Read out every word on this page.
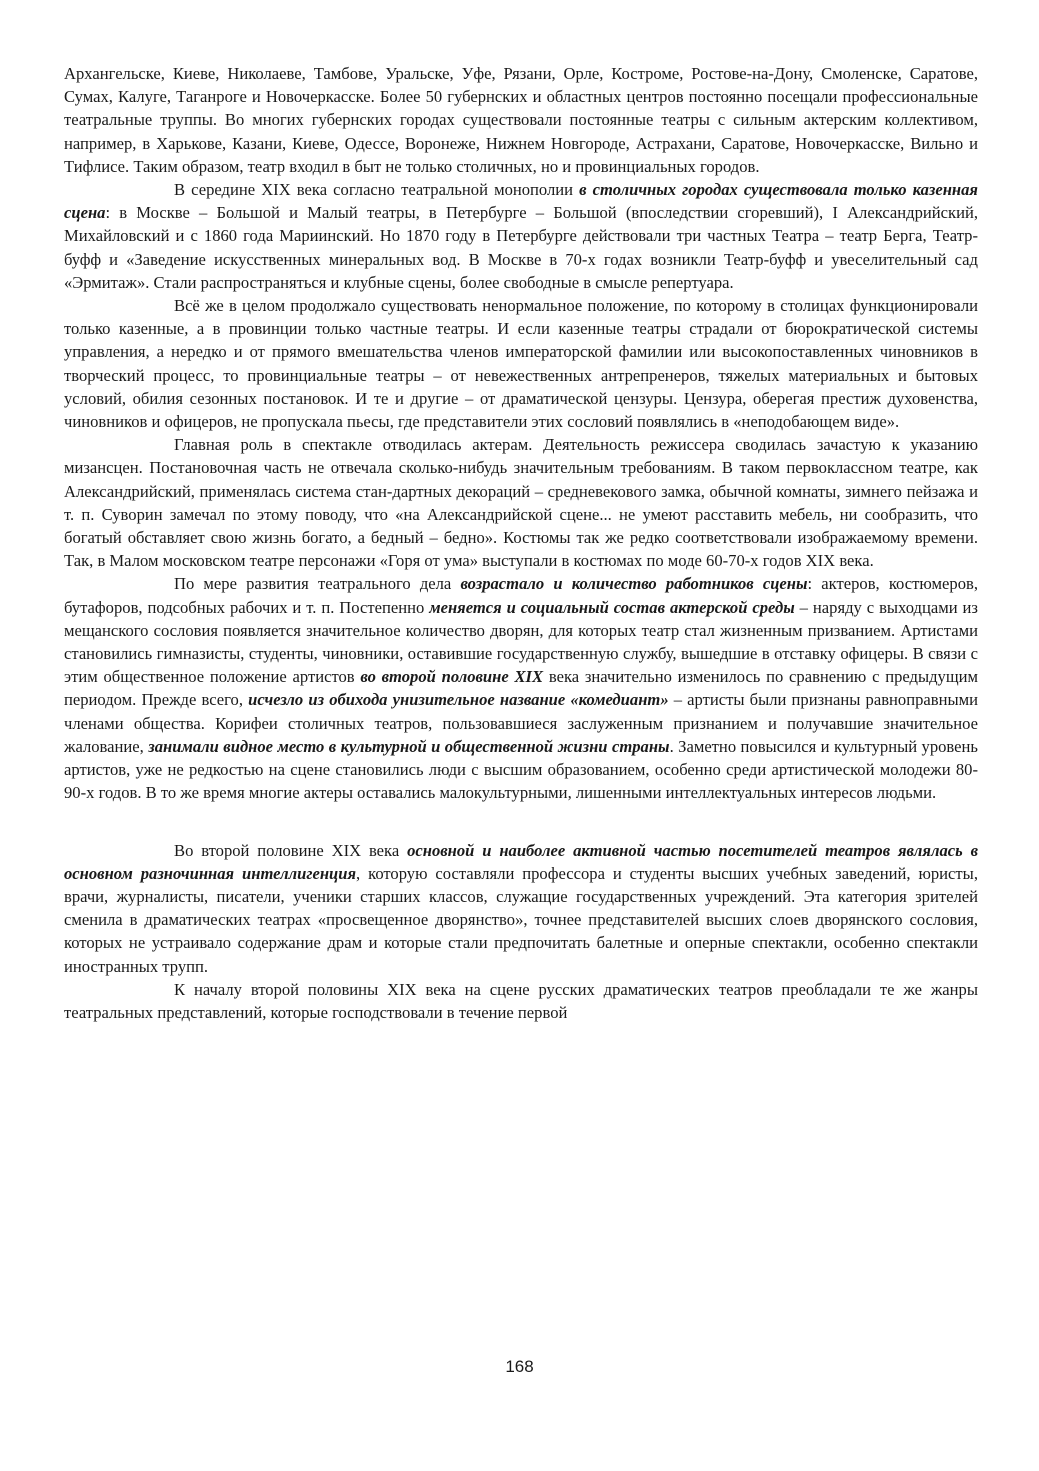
Архангельске, Киеве, Николаеве, Тамбове, Уральске, Уфе, Рязани, Орле, Костроме, Ростове-на-Дону, Смоленске, Саратове, Сумах, Калуге, Таганроге и Новочеркасске. Более 50 губернских и областных центров постоянно посещали профессиональные театральные труппы. Во многих губернских городах существовали постоянные театры с сильным актерским коллективом, например, в Харькове, Казани, Киеве, Одессе, Воронеже, Нижнем Новгороде, Астрахани, Саратове, Новочеркасске, Вильно и Тифлисе. Таким образом, театр входил в быт не только столичных, но и провинциальных городов.

В середине XIX века согласно театральной монополии в столичных городах существовала только казенная сцена: в Москве – Большой и Малый театры, в Петербурге – Большой (впоследствии сгоревший), I Александрийский, Михайловский и с 1860 года Мариинский. Но 1870 году в Петербурге действовали три частных Театра – театр Берга, Театр-буфф и «Заведение искусственных минеральных вод. В Москве в 70-х годах возникли Театр-буфф и увеселительный сад «Эрмитаж». Стали распространяться и клубные сцены, более свободные в смысле репертуара.

Всё же в целом продолжало существовать ненормальное положение, по которому в столицах функционировали только казенные, а в провинции только частные театры. И если казенные театры страдали от бюрократической системы управления, а нередко и от прямого вмешательства членов императорской фамилии или высокопоставленных чиновников в творческий процесс, то провинциальные театры – от невежественных антрепренеров, тяжелых материальных и бытовых условий, обилия сезонных постановок. И те и другие – от драматической цензуры. Цензура, оберегая престиж духовенства, чиновников и офицеров, не пропускала пьесы, где представители этих сословий появлялись в «неподобающем виде».

Главная роль в спектакле отводилась актерам. Деятельность режиссера сводилась зачастую к указанию мизансцен. Постановочная часть не отвечала сколько-нибудь значительным требованиям. В таком первоклассном театре, как Александрийский, применялась система стан-дартных декораций – средневекового замка, обычной комнаты, зимнего пейзажа и т. п. Суворин замечал по этому поводу, что «на Александрийской сцене... не умеют расставить мебель, ни сообразить, что богатый обставляет свою жизнь богато, а бедный – бедно». Костюмы так же редко соответствовали изображаемому времени. Так, в Малом московском театре персонажи «Горя от ума» выступали в костюмах по моде 60-70-х годов XIX века.

По мере развития театрального дела возрастало и количество работников сцены: актеров, костюмеров, бутафоров, подсобных рабочих и т. п. Постепенно меняется и социальный состав актерской среды – наряду с выходцами из мещанского сословия появляется значительное количество дворян, для которых театр стал жизненным призванием. Артистами становились гимназисты, студенты, чиновники, оставившие государственную службу, вышедшие в отставку офицеры. В связи с этим общественное положение артистов во второй половине XIX века значительно изменилось по сравнению с предыдущим периодом. Прежде всего, исчезло из обихода унизительное название «комедиант» – артисты были признаны равноправными членами общества. Корифеи столичных театров, пользовавшиеся заслуженным признанием и получавшие значительное жалование, занимали видное место в культурной и общественной жизни страны. Заметно повысился и культурный уровень артистов, уже не редкостью на сцене становились люди с высшим образованием, особенно среди артистической молодежи 80-90-х годов. В то же время многие актеры оставались малокультурными, лишенными интеллектуальных интересов людьми.

Во второй половине XIX века основной и наиболее активной частью посетителей театров являлась в основном разночинная интеллигенция, которую составляли профессора и студенты высших учебных заведений, юристы, врачи, журналисты, писатели, ученики старших классов, служащие государственных учреждений. Эта категория зрителей сменила в драматических театрах «просвещенное дворянство», точнее представителей высших слоев дворянского сословия, которых не устраивало содержание драм и которые стали предпочитать балетные и оперные спектакли, особенно спектакли иностранных трупп.

К началу второй половины XIX века на сцене русских драматических театров преобладали те же жанры театральных представлений, которые господствовали в течение первой

168
